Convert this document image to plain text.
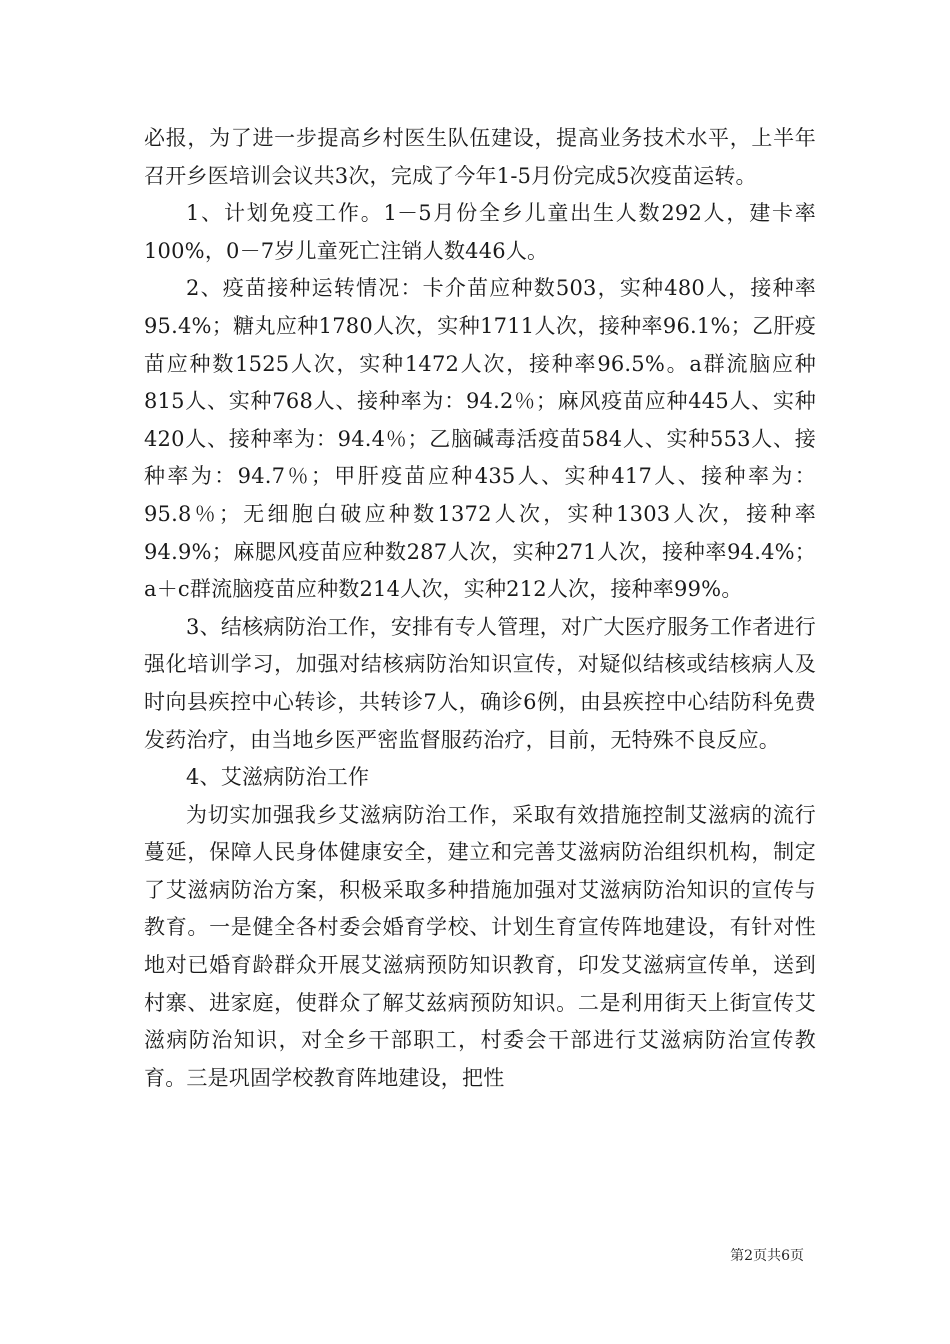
必报，为了进一步提高乡村医生队伍建设，提高业务技术水平，上半年召开乡医培训会议共3次，完成了今年1-5月份完成5次疫苗运转。

1、计划免疫工作。1－5月份全乡儿童出生人数292人，建卡率100%，0－7岁儿童死亡注销人数446人。

2、疫苗接种运转情况：卡介苗应种数503，实种480人，接种率95.4%；糖丸应种1780人次，实种1711人次，接种率96.1%；乙肝疫苗应种数1525人次，实种1472人次，接种率96.5%。a群流脑应种815人、实种768人、接种率为：94.2％；麻风疫苗应种445人、实种420人、接种率为：94.4％；乙脑碱毒活疫苗584人、实种553人、接种率为：94.7％；甲肝疫苗应种435人、实种417人、接种率为：95.8％；无细胞白破应种数1372人次，实种1303人次，接种率94.9%；麻腮风疫苗应种数287人次，实种271人次，接种率94.4%；a＋c群流脑疫苗应种数214人次，实种212人次，接种率99%。

3、结核病防治工作，安排有专人管理，对广大医疗服务工作者进行强化培训学习，加强对结核病防治知识宣传，对疑似结核或结核病人及时向县疾控中心转诊，共转诊7人，确诊6例，由县疾控中心结防科免费发药治疗，由当地乡医严密监督服药治疗，目前，无特殊不良反应。

4、艾滋病防治工作

为切实加强我乡艾滋病防治工作，采取有效措施控制艾滋病的流行蔓延，保障人民身体健康安全，建立和完善艾滋病防治组织机构，制定了艾滋病防治方案，积极采取多种措施加强对艾滋病防治知识的宣传与教育。一是健全各村委会婚育学校、计划生育宣传阵地建设，有针对性地对已婚育龄群众开展艾滋病预防知识教育，印发艾滋病宣传单，送到村寨、进家庭，使群众了解艾兹病预防知识。二是利用街天上街宣传艾滋病防治知识，对全乡干部职工，村委会干部进行艾滋病防治宣传教育。三是巩固学校教育阵地建设，把性

第2页共6页
